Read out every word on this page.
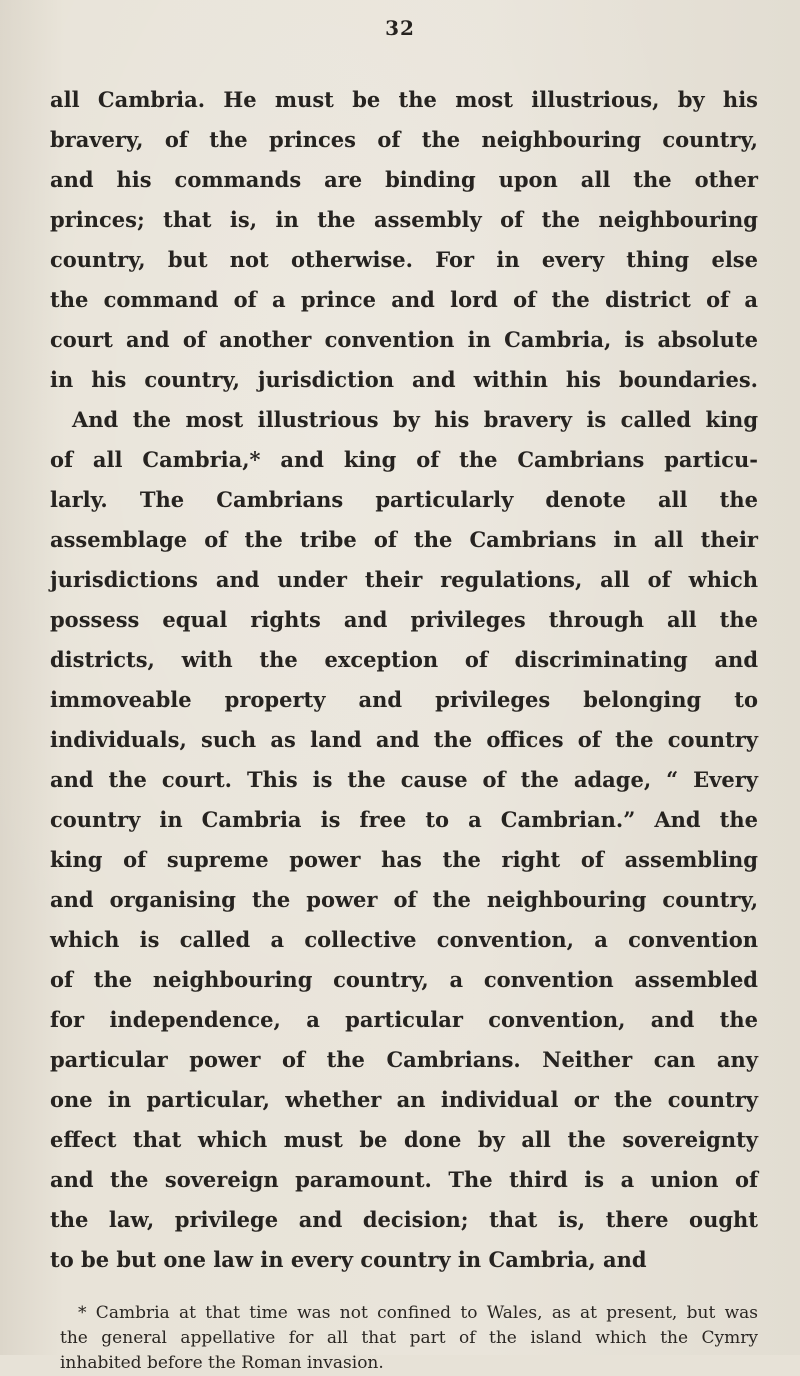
32
all Cambria. He must be the most illustrious, by his
bravery, of the princes of the neighbouring country,
and his commands are binding upon all the other
princes; that is, in the assembly of the neighbouring
country, but not otherwise. For in every thing else
the command of a prince and lord of the district of a
court and of another convention in Cambria, is absolute
in his country, jurisdiction and within his boundaries.
And the most illustrious by his bravery is called king
of all Cambria,* and king of the Cambrians particu-
larly. The Cambrians particularly denote all the
assemblage of the tribe of the Cambrians in all their
jurisdictions and under their regulations, all of which
possess equal rights and privileges through all the
districts, with the exception of discriminating and
immoveable property and privileges belonging to
individuals, such as land and the offices of the country
and the court. This is the cause of the adage, “ Every
country in Cambria is free to a Cambrian.” And the
king of supreme power has the right of assembling
and organising the power of the neighbouring country,
which is called a collective convention, a convention
of the neighbouring country, a convention assembled
for independence, a particular convention, and the
particular power of the Cambrians. Neither can any
one in particular, whether an individual or the country
effect that which must be done by all the sovereignty
and the sovereign paramount. The third is a union of
the law, privilege and decision; that is, there ought
to be but one law in every country in Cambria, and
* Cambria at that time was not confined to Wales, as at present, but was
the general appellative for all that part of the island which the Cymry
inhabited before the Roman invasion.
